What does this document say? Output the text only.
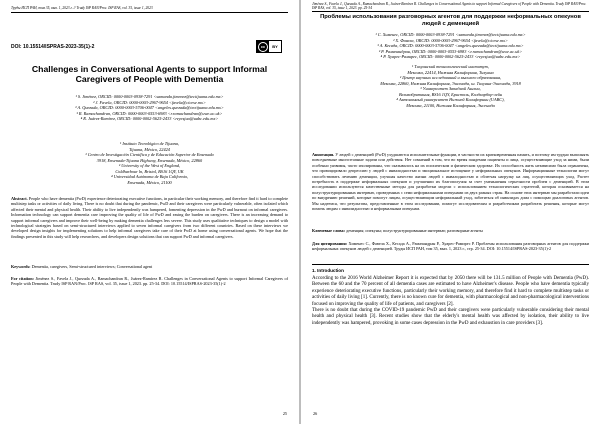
Труды ИСП РАН, том 35, вып. 1, 2023 г. // Trudy ISP RAN/Proc. ISP RAS, vol. 35, issue 1, 2023
DOI: 10.15514/ISPRAS-2023-35(1)-2	cc	BY
Challenges in Conversational Agents to support Informal Caregivers of People with Dementia
¹ S. Jiménez, ORCID: 0000-0003-0938-7291 <samanda.jimenez@tectijuana.edu.mx>
² J. Favela, ORCID: 0000-0003-2967-9654 <favela@cicese.mx>
³ A. Quezada, ORCID: 0000-0003-5706-0047 <angeles.quezada@tectijuana.edu.mx>
³ R. Ramachandran, ORCID: 0000-0003-0553-6983 <r.ramachandran@uwe.ac.uk>
⁴ R. Juárez-Ramírez, ORCID: 0000-0002-5625-2433 <reyesjua@uabc.edu.mx>
¹ Instituto Tecnológico de Tijuana,
Tijuana, México, 22424
² Centro de Investigación Científica y de Educación Superior de Ensenada
3918, Ensenada-Tijuana Highway, Ensenada, México, 22860
³ University of the West of England,
Coldharbour ln, Bristol, BS16 1QY, UK
⁴ Universidad Autónoma de Baja California,
Ensenada, México, 21100
Abstract. People who have dementia (PwD) experience deteriorating executive functions, in particular their working memory, and therefore find it hard to complete multistep tasks or activities of daily living. There is no doubt that during the pandemic, PwD and their caregivers were particularly vulnerable, often isolated which affected their mental and physical health. Their ability to live independently was hampered, fomenting depression in the PwD and burnout on informal caregivers. Information technology can support dementia care improving the quality of life of PwD and easing the burden on caregivers. There is an increasing demand to support informal caregivers and improve their well-being by making dementia challenges less severe. This study uses qualitative techniques to design a model with technological strategies based on semi-structured interviews applied to seven informal caregivers from two different countries. Based on these interviews we developed design insights for implementing solutions to help informal caregivers take care of their PwD at home using conversational agents. We hope that the findings presented in this study will help researchers, and developers design solutions that can support PwD and informal caregivers.
Keywords: Dementia, caregivers, Semi-structured interviews; Conversational agent
For citation: Jiménez S., Favela J., Quezada A., Ramachandran R., Juárez-Ramírez R. Challenges in Conversational Agents to support Informal Caregivers of People with Dementia. Trudy ISP RAN/Proc. ISP RAS, vol. 35, issue 1, 2023. pp. 25-34. DOI: 10.15514/ISPRAS-2023-35(1)-2
25
Jiménez S., Favela J., Quezada A., Ramachandran R., Juárez-Ramírez R. Challenges in Conversational Agents to support Informal Caregivers of People with Dementia. Trudy ISP RAN/Proc. ISP RAS, vol. 35, issue 1, 2023. pp. 25-34
Проблемы использования разговорных агентов для поддержки неформальных опекунов людей с деменцией
¹ С. Хименес, ORCID: 0000-0003-0938-7291 <samanda.jimenez@tectijuana.edu.mx>
² Х. Фавела, ORCID: 0000-0003-2967-9654 <favela@cicese.mx>
³ А. Кесада, ORCID: 0000-0003-5706-0047 <angeles.quezada@tectijuana.edu.mx>
³ Р. Рамачандран, ORCID: 0000-0003-0553-6983 <r.ramachandran@uwe.ac.uk>
⁴ Р. Хуарес-Рамирес, ORCID: 0000-0002-5625-2433 <reyesjua@uabc.edu.mx>
¹ Тихуанский технологический институт,
Мексика, 22414, Нижняя Калифорния, Тихуана
² Центр научных исследований и высшего образования,
Мексика, 22860, Нижняя Калифорния, Энсенада, ш. Тихуана-Энсенада, 3918
³ Университет Западной Англии,
Великобритания, BS16 1QY, Бристоль, Колдхарбор-лейн
⁴ Автономный университет Нижней Калифорнии (UABC),
Мексика, 21100, Нижняя Калифорния, Энсенада
Аннотация. У людей с деменцией (PwD) ухудшаются исполнительные функции, в частности их кратковременная память, и поэтому им трудно выполнять повседневные многоэтапные задачи или действия. Нет сомнений в том, что во время пандемии пациенты и лица, осуществляющие уход за ними, были особенно уязвимы, часто изолированы, что сказывалось на их психическом и физическом здоровье. Их способность жить независимо была ограничена, что провоцировало депрессию у людей с инвалидностью и эмоциональное истощение у неформальных опекунов. Информационные технологии могут способствовать лечению деменции, улучшая качество жизни людей с инвалидностью и облегчая нагрузку на лиц, осуществляющих уход. Растет потребность в поддержке неформальных опекунов и улучшении их благополучия за счет уменьшения серьезности проблем с деменцией. В этом исследовании используются качественные методы для разработки модели с использованием технологических стратегий, которая основывается на полуструктурированных интервью, проведенных с семи неформальными опекунами из двух разных стран. На основе этих интервью мы разработали идеи по внедрению решений, которые помогут лицам, осуществляющим неформальный уход, заботиться об инвалидах дома с помощью диалоговых агентов. Мы надеемся, что результаты, представленные в этом исследовании, помогут исследователям и разработчикам разработать решения, которые могут помочь людям с инвалидностью и неформальным опекунам.
Ключевые слова: деменция; опекуны; полуструктурированные интервью; разговорные агенты
Для цитирования: Хименес С., Фавела Х., Кесада А., Рамачандран Р., Хуарес-Рамирес Р. Проблемы использования разговорных агентов для поддержки неформальных опекунов людей с деменцией. Труды ИСП РАН, том 35, вып. 1, 2023 г., стр. 25-34. DOI: 10.15514/ISPRAS-2023-35(1)-2
1. Introduction

According to the 2016 World Alzheimer Report it is expected that by 2050 there will be 131.5 million of People with Dementia (PwD). Between the 60 and the 70 percent of all dementia cases are estimated to have Alzheimer's disease. People who have dementia typically experience deteriorating executive functions, particularly their working memory, and therefore find it hard to complete multistep tasks or activities of daily living [1]. Currently, there is no known cure for dementia, with pharmacological and non-pharmacological interventions focused on improving the quality of life of patients, and caregivers [2].

There is no doubt that during the COVID-19 pandemic PwD and their caregivers were particularly vulnerable considering their mental health and physical health [3]. Recent studies show that the elderly's mental health was affected by isolation, their ability to live independently was hampered, provoking in some cases depression in the PwD and exhaustion in care providers [3].

26
